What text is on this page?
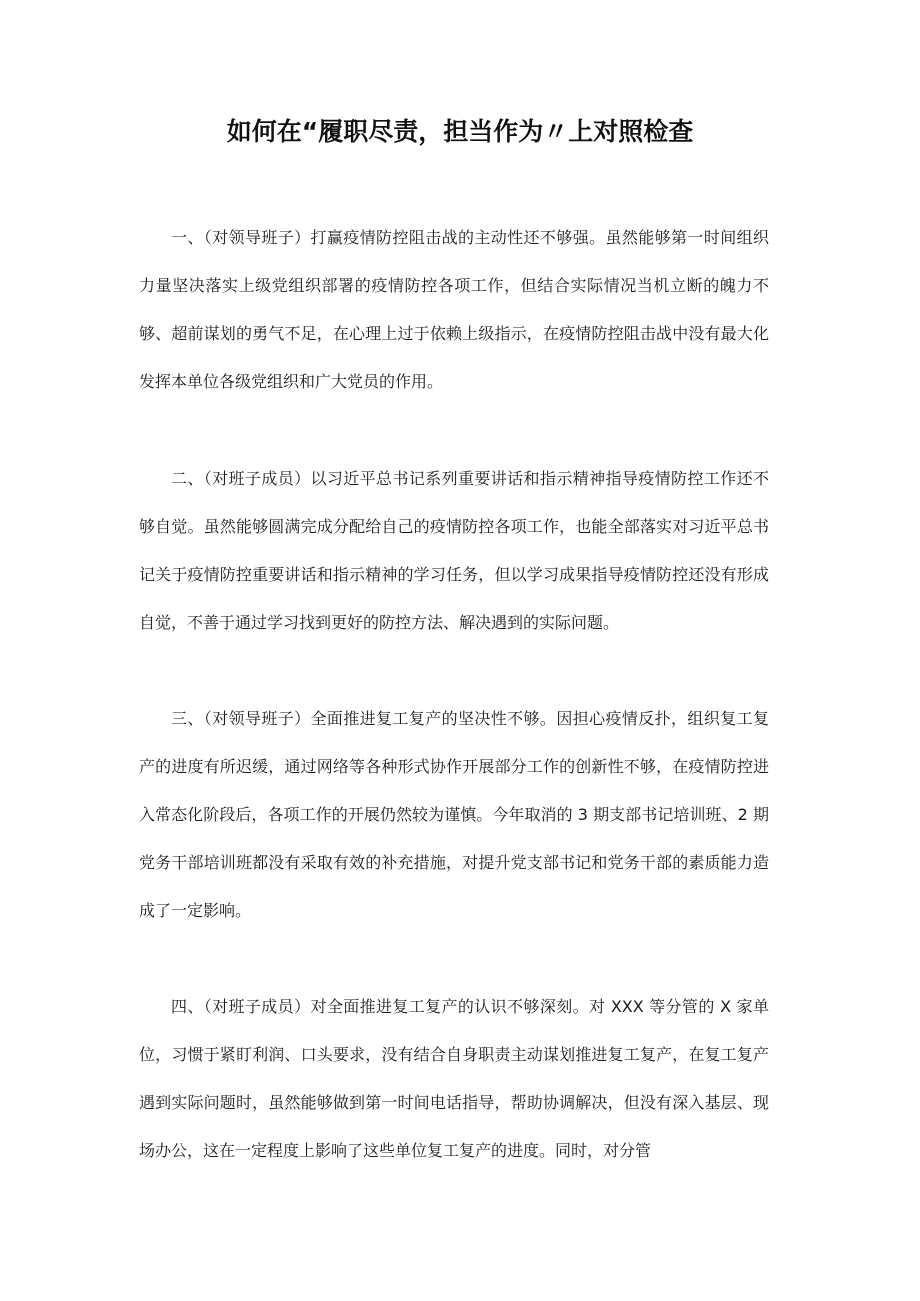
如何在“履职尽责，担当作为〃上对照检查

一、（对领导班子）打赢疫情防控阻击战的主动性还不够强。虽然能够第一时间组织力量坚决落实上级党组织部署的疫情防控各项工作，但结合实际情况当机立断的魄力不够、超前谋划的勇气不足，在心理上过于依赖上级指示，在疫情防控阻击战中没有最大化发挥本单位各级党组织和广大党员的作用。

二、（对班子成员）以习近平总书记系列重要讲话和指示精神指导疫情防控工作还不够自觉。虽然能够圆满完成分配给自己的疫情防控各项工作，也能全部落实对习近平总书记关于疫情防控重要讲话和指示精神的学习任务，但以学习成果指导疫情防控还没有形成自觉，不善于通过学习找到更好的防控方法、解决遇到的实际问题。

三、（对领导班子）全面推进复工复产的坚决性不够。因担心疫情反扑，组织复工复产的进度有所迟缓，通过网络等各种形式协作开展部分工作的创新性不够，在疫情防控进入常态化阶段后，各项工作的开展仍然较为谨慎。今年取消的 3 期支部书记培训班、2 期党务干部培训班都没有采取有效的补充措施，对提升党支部书记和党务干部的素质能力造成了一定影响。

四、（对班子成员）对全面推进复工复产的认识不够深刻。对 XXX 等分管的 X 家单位，习惯于紧盯利润、口头要求，没有结合自身职责主动谋划推进复工复产，在复工复产遇到实际问题时，虽然能够做到第一时间电话指导，帮助协调解决，但没有深入基层、现场办公，这在一定程度上影响了这些单位复工复产的进度。同时，对分管
